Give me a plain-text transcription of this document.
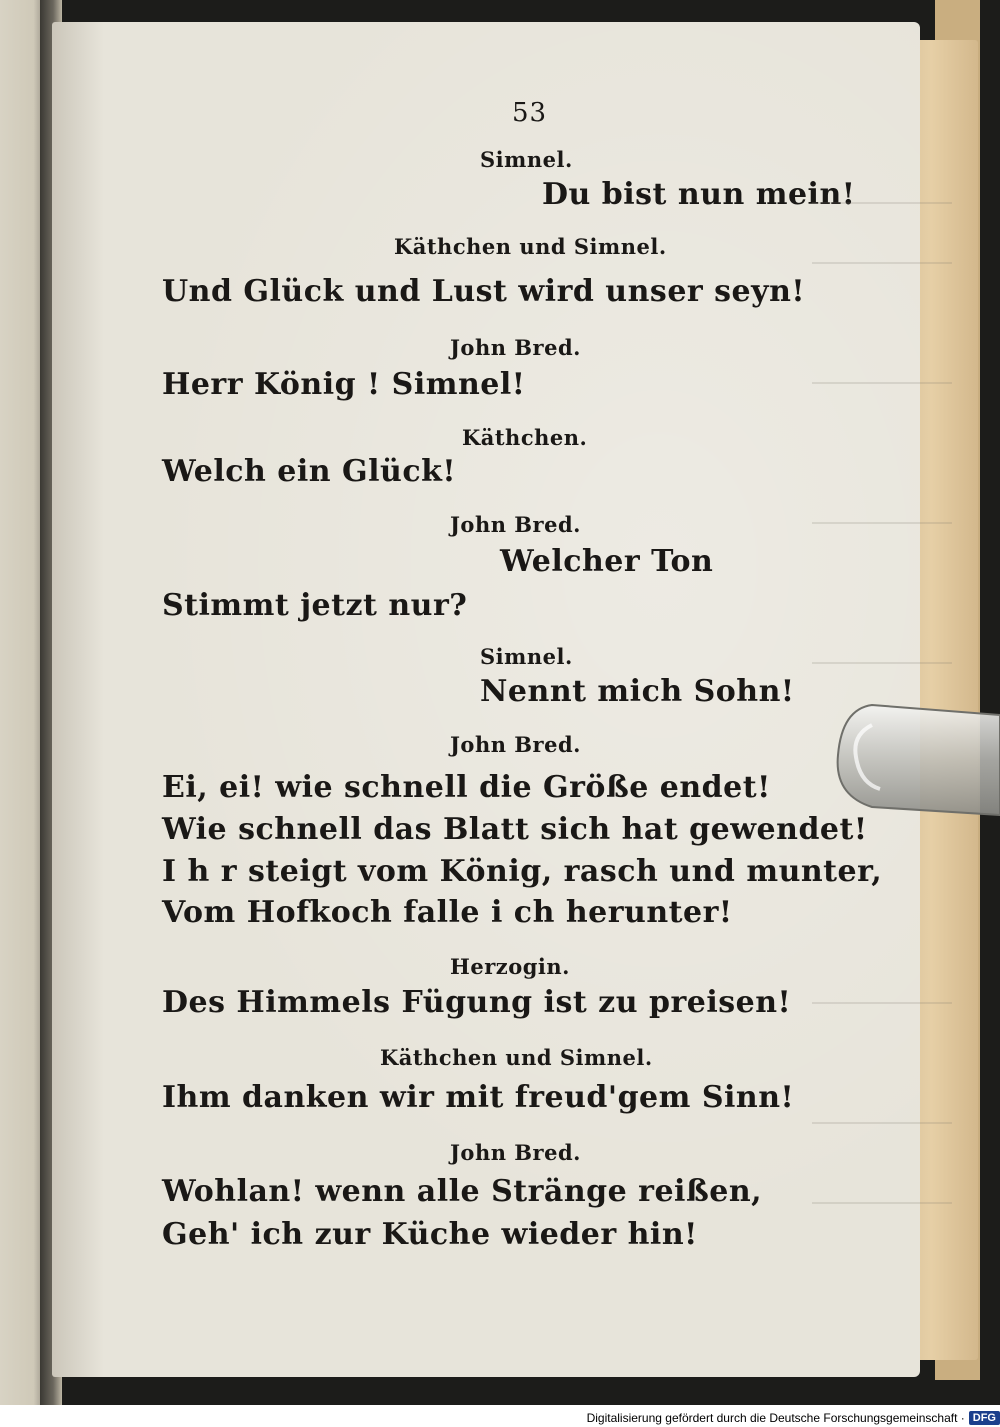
53
Simnel.
Du bist nun mein!
Käthchen und Simnel.
Und Glück und Lust wird unser seyn!
John Bred.
Herr König ! Simnel!
Käthchen.
Welch ein Glück!
John Bred.
Welcher Ton
Stimmt jetzt nur?
Simnel.
Nennt mich Sohn!
John Bred.
Ei, ei! wie schnell die Größe endet!
Wie schnell das Blatt sich hat gewendet!
I h r steigt vom König, rasch und munter,
Vom Hofkoch falle i ch herunter!
Herzogin.
Des Himmels Fügung ist zu preisen!
Käthchen und Simnel.
Ihm danken wir mit freud'gem Sinn!
John Bred.
Wohlan! wenn alle Stränge reißen,
Geh' ich zur Küche wieder hin!
Digitalisierung gefördert durch die Deutsche Forschungsgemeinschaft · DFG
